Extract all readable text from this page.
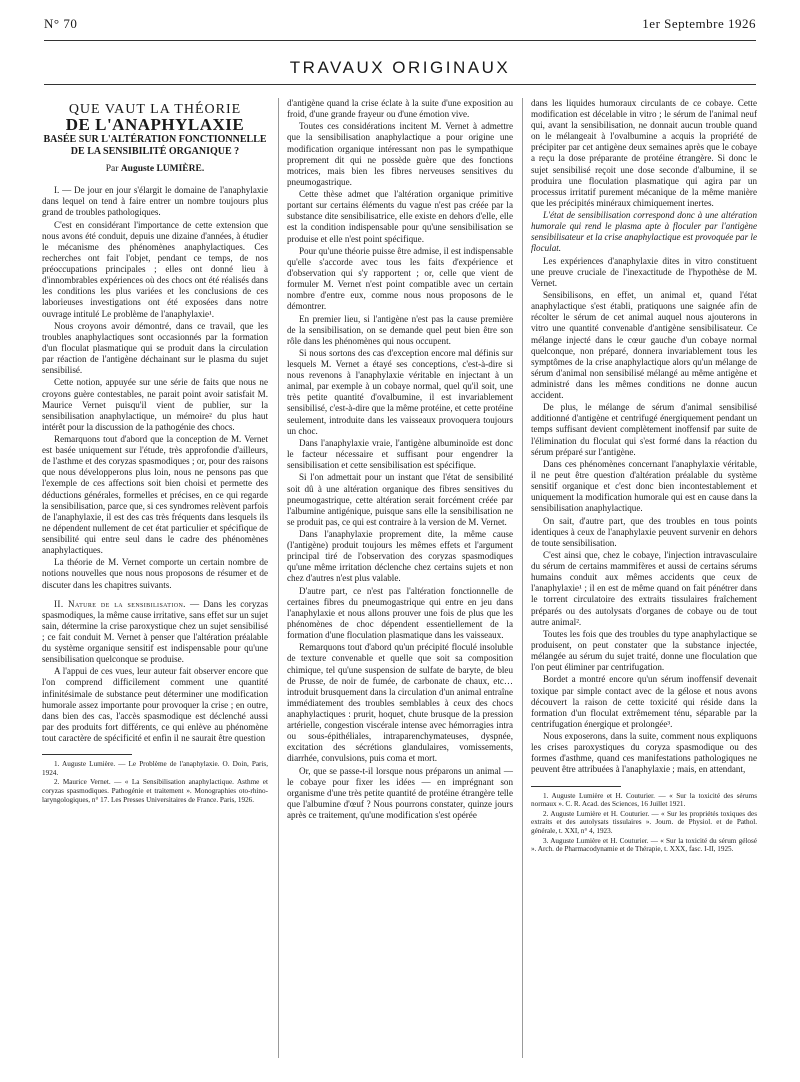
N° 70	1er Septembre 1926
TRAVAUX ORIGINAUX
QUE VAUT LA THÉORIE
DE L'ANAPHYLAXIE
BASÉE SUR L'ALTÉRATION FONCTIONNELLE DE LA SENSIBILITÉ ORGANIQUE ?
Par Auguste LUMIÈRE.

I. — De jour en jour s'élargit le domaine de l'anaphylaxie dans lequel on tend à faire entrer un nombre toujours plus grand de troubles pathologiques.

C'est en considérant l'importance de cette extension que nous avons été conduit, depuis une dizaine d'années, à étudier le mécanisme des phénomènes anaphylactiques. Ces recherches ont fait l'objet, pendant ce temps, de nos préoccupations principales ; elles ont donné lieu à d'innombrables expériences où des chocs ont été réalisés dans les conditions les plus variées et les conclusions de ces laborieuses investigations ont été exposées dans notre ouvrage intitulé Le problème de l'anaphylaxie¹.

Nous croyons avoir démontré, dans ce travail, que les troubles anaphylactiques sont occasionnés par la formation d'un floculat plasmatique qui se produit dans la circulation par réaction de l'antigène déchainant sur le plasma du sujet sensibilisé.

Cette notion, appuyée sur une série de faits que nous ne croyons guère contestables, ne parait point avoir satisfait M. Maurice Vernet puisqu'il vient de publier, sur la sensibilisation anaphylactique, un mémoire² du plus haut intérêt pour la discussion de la pathogénie des chocs.

Remarquons tout d'abord que la conception de M. Vernet est basée uniquement sur l'étude, très approfondie d'ailleurs, de l'asthme et des coryzas spasmodiques ; or, pour des raisons que nous développerons plus loin, nous ne pensons pas que l'exemple de ces affections soit bien choisi et permette des déductions générales, formelles et précises, en ce qui regarde la sensibilisation, parce que, si ces syndromes relèvent parfois de l'anaphylaxie, il est des cas très fréquents dans lesquels ils ne dépendent nullement de cet état particulier et spécifique de sensibilité qui entre seul dans le cadre des phénomènes anaphylactiques.

La théorie de M. Vernet comporte un certain nombre de notions nouvelles que nous nous proposons de résumer et de discuter dans les chapitres suivants.

II. Nature de la sensibilisation. — Dans les coryzas spasmodiques, la même cause irritative, sans effet sur un sujet sain, détermine la crise paroxystique chez un sujet sensibilisé ; ce fait conduit M. Vernet à penser que l'altération préalable du système organique sensitif est indispensable pour qu'une sensibilisation quelconque se produise.

A l'appui de ces vues, leur auteur fait observer encore que l'on comprend difficilement comment une quantité infinitésimale de substance peut déterminer une modification humorale assez importante pour provoquer la crise ; en outre, dans bien des cas, l'accès spasmodique est déclenché aussi par des produits fort différents, ce qui enlève au phénomène tout caractère de spécificité et enfin il ne saurait être question

1. Auguste Lumière. — Le Problème de l'anaphylaxie. O. Doin, Paris, 1924.

2. Maurice Vernet. — « La Sensibilisation anaphylactique. Asthme et coryzas spasmodiques. Pathogénie et traitement ». Monographies oto-rhino-laryngologiques, n° 17. Les Presses Universitaires de France. Paris, 1926.

d'antigène quand la crise éclate à la suite d'une exposition au froid, d'une grande frayeur ou d'une émotion vive.

Toutes ces considérations incitent M. Vernet à admettre que la sensibilisation anaphylactique a pour origine une modification organique intéressant non pas le sympathique proprement dit qui ne possède guère que des fonctions motrices, mais bien les fibres nerveuses sensitives du pneumogastrique.

Cette thèse admet que l'altération organique primitive portant sur certains éléments du vague n'est pas créée par la substance dite sensibilisatrice, elle existe en dehors d'elle, elle est la condition indispensable pour qu'une sensibilisation se produise et elle n'est point spécifique.

Pour qu'une théorie puisse être admise, il est indispensable qu'elle s'accorde avec tous les faits d'expérience et d'observation qui s'y rapportent ; or, celle que vient de formuler M. Vernet n'est point compatible avec un certain nombre d'entre eux, comme nous nous proposons de le démontrer.

En premier lieu, si l'antigène n'est pas la cause première de la sensibilisation, on se demande quel peut bien être son rôle dans les phénomènes qui nous occupent.

Si nous sortons des cas d'exception encore mal définis sur lesquels M. Vernet a étayé ses conceptions, c'est-à-dire si nous revenons à l'anaphylaxie véritable en injectant à un animal, par exemple à un cobaye normal, quel qu'il soit, une très petite quantité d'ovalbumine, il est invariablement sensibilisé, c'est-à-dire que la même protéine, et cette protéine seulement, introduite dans les vaisseaux provoquera toujours un choc.

Dans l'anaphylaxie vraie, l'antigène albuminoïde est donc le facteur nécessaire et suffisant pour engendrer la sensibilisation et cette sensibilisation est spécifique.

Si l'on admettait pour un instant que l'état de sensibilité soit dû à une altération organique des fibres sensitives du pneumogastrique, cette altération serait forcément créée par l'albumine antigénique, puisque sans elle la sensibilisation ne se produit pas, ce qui est contraire à la version de M. Vernet.

Dans l'anaphylaxie proprement dite, la même cause (l'antigène) produit toujours les mêmes effets et l'argument principal tiré de l'observation des coryzas spasmodiques qu'une même irritation déclenche chez certains sujets et non chez d'autres n'est plus valable.

D'autre part, ce n'est pas l'altération fonctionnelle de certaines fibres du pneumogastrique qui entre en jeu dans l'anaphylaxie et nous allons prouver une fois de plus que les phénomènes de choc dépendent essentiellement de la formation d'une floculation plasmatique dans les vaisseaux.

Remarquons tout d'abord qu'un précipité floculé insoluble de texture convenable et quelle que soit sa composition chimique, tel qu'une suspension de sulfate de baryte, de bleu de Prusse, de noir de fumée, de carbonate de chaux, etc… introduit brusquement dans la circulation d'un animal entraîne immédiatement des troubles semblables à ceux des chocs anaphylactiques : prurit, hoquet, chute brusque de la pression artérielle, congestion viscérale intense avec hémorragies intra ou sous-épithéliales, intraparenchymateuses, dyspnée, excitation des sécrétions glandulaires, vomissements, diarrhée, convulsions, puis coma et mort.

Or, que se passe-t-il lorsque nous préparons un animal — le cobaye pour fixer les idées — en imprégnant son organisme d'une très petite quantité de protéine étrangère telle que l'albumine d'œuf ? Nous pourrons constater, quinze jours après ce traitement, qu'une modification s'est opérée

dans les liquides humoraux circulants de ce cobaye. Cette modification est décelable in vitro ; le sérum de l'animal neuf qui, avant la sensibilisation, ne donnait aucun trouble quand on le mélangeait à l'ovalbumine a acquis la propriété de précipiter par cet antigène deux semaines après que le cobaye a reçu la dose préparante de protéine étrangère. Si donc le sujet sensibilisé reçoit une dose seconde d'albumine, il se produira une floculation plasmatique qui agira par un processus irritatif purement mécanique de la même manière que les précipités minéraux chimiquement inertes.

L'état de sensibilisation correspond donc à une altération humorale qui rend le plasma apte à floculer par l'antigène sensibilisateur et la crise anaphylactique est provoquée par le floculat.

Les expériences d'anaphylaxie dites in vitro constituent une preuve cruciale de l'inexactitude de l'hypothèse de M. Vernet.

Sensibilisons, en effet, un animal et, quand l'état anaphylactique s'est établi, pratiquons une saignée afin de récolter le sérum de cet animal auquel nous ajouterons in vitro une quantité convenable d'antigène sensibilisateur. Ce mélange injecté dans le cœur gauche d'un cobaye normal quelconque, non préparé, donnera invariablement tous les symptômes de la crise anaphylactique alors qu'un mélange de sérum d'animal non sensibilisé mélangé au même antigène et administré dans les mêmes conditions ne donne aucun accident.

De plus, le mélange de sérum d'animal sensibilisé additionné d'antigène et centrifugé énergiquement pendant un temps suffisant devient complètement inoffensif par suite de l'élimination du floculat qui s'est formé dans la réaction du sérum préparé sur l'antigène.

Dans ces phénomènes concernant l'anaphylaxie véritable, il ne peut être question d'altération préalable du système sensitif organique et c'est donc bien incontestablement et uniquement la modification humorale qui est en cause dans la sensibilisation anaphylactique.

On sait, d'autre part, que des troubles en tous points identiques à ceux de l'anaphylaxie peuvent survenir en dehors de toute sensibilisation.

C'est ainsi que, chez le cobaye, l'injection intravasculaire du sérum de certains mammifères et aussi de certains sérums humains conduit aux mêmes accidents que ceux de l'anaphylaxie¹ ; il en est de même quand on fait pénétrer dans le torrent circulatoire des extraits tissulaires fraîchement préparés ou des autolysats d'organes de cobaye ou de tout autre animal².

Toutes les fois que des troubles du type anaphylactique se produisent, on peut constater que la substance injectée, mélangée au sérum du sujet traité, donne une floculation que l'on peut éliminer par centrifugation.

Bordet a montré encore qu'un sérum inoffensif devenait toxique par simple contact avec de la gélose et nous avons découvert la raison de cette toxicité qui réside dans la formation d'un floculat extrêmement ténu, séparable par la centrifugation énergique et prolongée³.

Nous exposerons, dans la suite, comment nous expliquons les crises paroxystiques du coryza spasmodique ou des formes d'asthme, quand ces manifestations pathologiques ne peuvent être attribuées à l'anaphylaxie ; mais, en attendant,

1. Auguste Lumière et H. Couturier. — « Sur la toxicité des sérums normaux ». C. R. Acad. des Sciences, 16 Juillet 1921.

2. Auguste Lumière et H. Couturier. — « Sur les propriétés toxiques des extraits et des autolysats tissulaires ». Journ. de Physiol. et de Pathol. générale, t. XXI, n° 4, 1923.

3. Auguste Lumière et H. Couturier. — « Sur la toxicité du sérum gélosé ». Arch. de Pharmacodynamie et de Thérapie, t. XXX, fasc. I-II, 1925.
